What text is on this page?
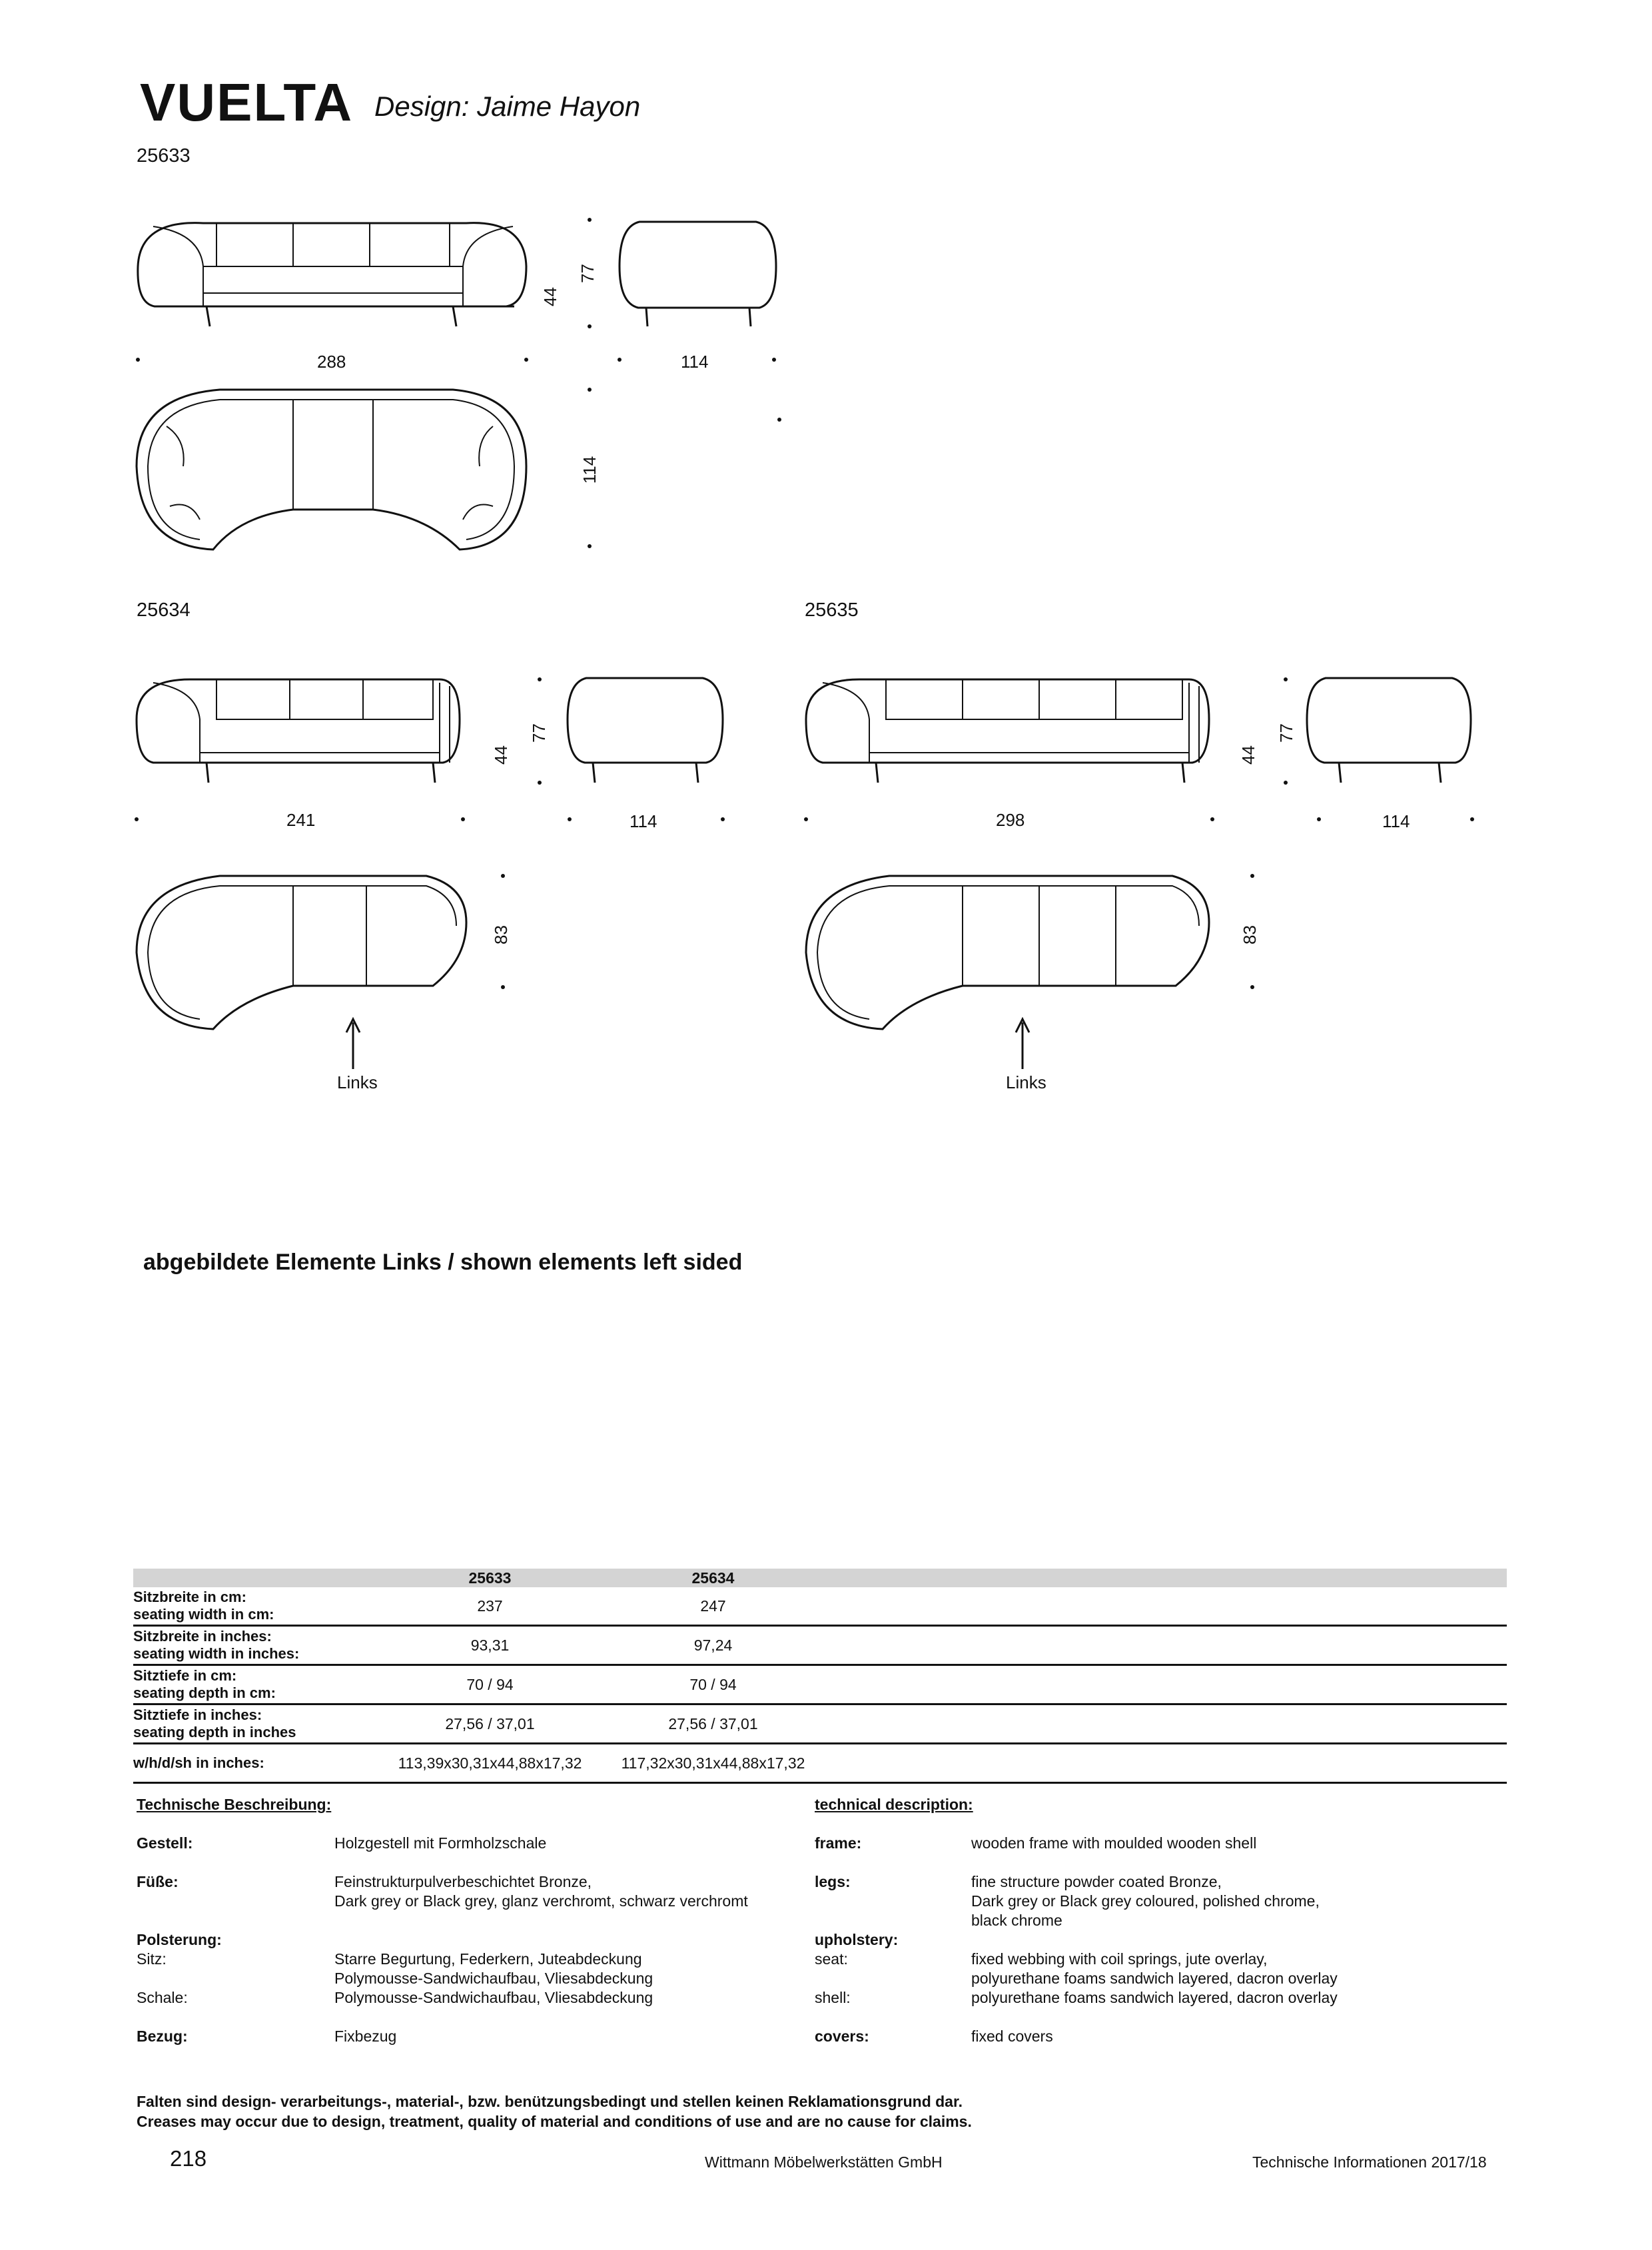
VUELTA Design: Jaime Hayon
25633
25634	25635
288	114
44
77
114
241	114
44
77
83
Links
298	114
44
77
83
Links
abgebildete Elemente Links / shown elements left sided
	25633	25634	

Sitzbreite in cm:
seating width in cm:	237	247	

Sitzbreite in inches:
seating width in inches:	93,31	97,24	

Sitztiefe in cm:
seating depth in cm:	70 / 94	70 / 94	

Sitztiefe in inches:
seating depth in inches	27,56 / 37,01	27,56 / 37,01	
w/h/d/sh in inches:	113,39x30,31x44,88x17,32	117,32x30,31x44,88x17,32	
Technische Beschreibung:
Gestell:	Holzgestell mit Formholzschale
Füße:	Feinstrukturpulverbeschichtet Bronze,
Dark grey or Black grey, glanz verchromt, schwarz verchromt
Polsterung:
Sitz:	Starre Begurtung, Federkern, Juteabdeckung
Polymousse-Sandwichaufbau, Vliesabdeckung
Schale:	Polymousse-Sandwichaufbau, Vliesabdeckung
Bezug:	Fixbezug
technical description:
frame:	wooden frame with moulded wooden shell
legs:	fine structure powder coated Bronze,
Dark grey or Black grey coloured, polished chrome,
black chrome
upholstery:
seat:	fixed webbing with coil springs, jute overlay,
polyurethane foams sandwich layered, dacron overlay
shell:	polyurethane foams sandwich layered, dacron overlay
covers:	fixed covers
Falten sind design- verarbeitungs-, material-, bzw. benützungsbedingt und stellen keinen Reklamationsgrund dar.
Creases may occur due to design, treatment, quality of material and conditions of use and are no cause for claims.
218	Wittmann Möbelwerkstätten GmbH	Technische Informationen 2017/18
